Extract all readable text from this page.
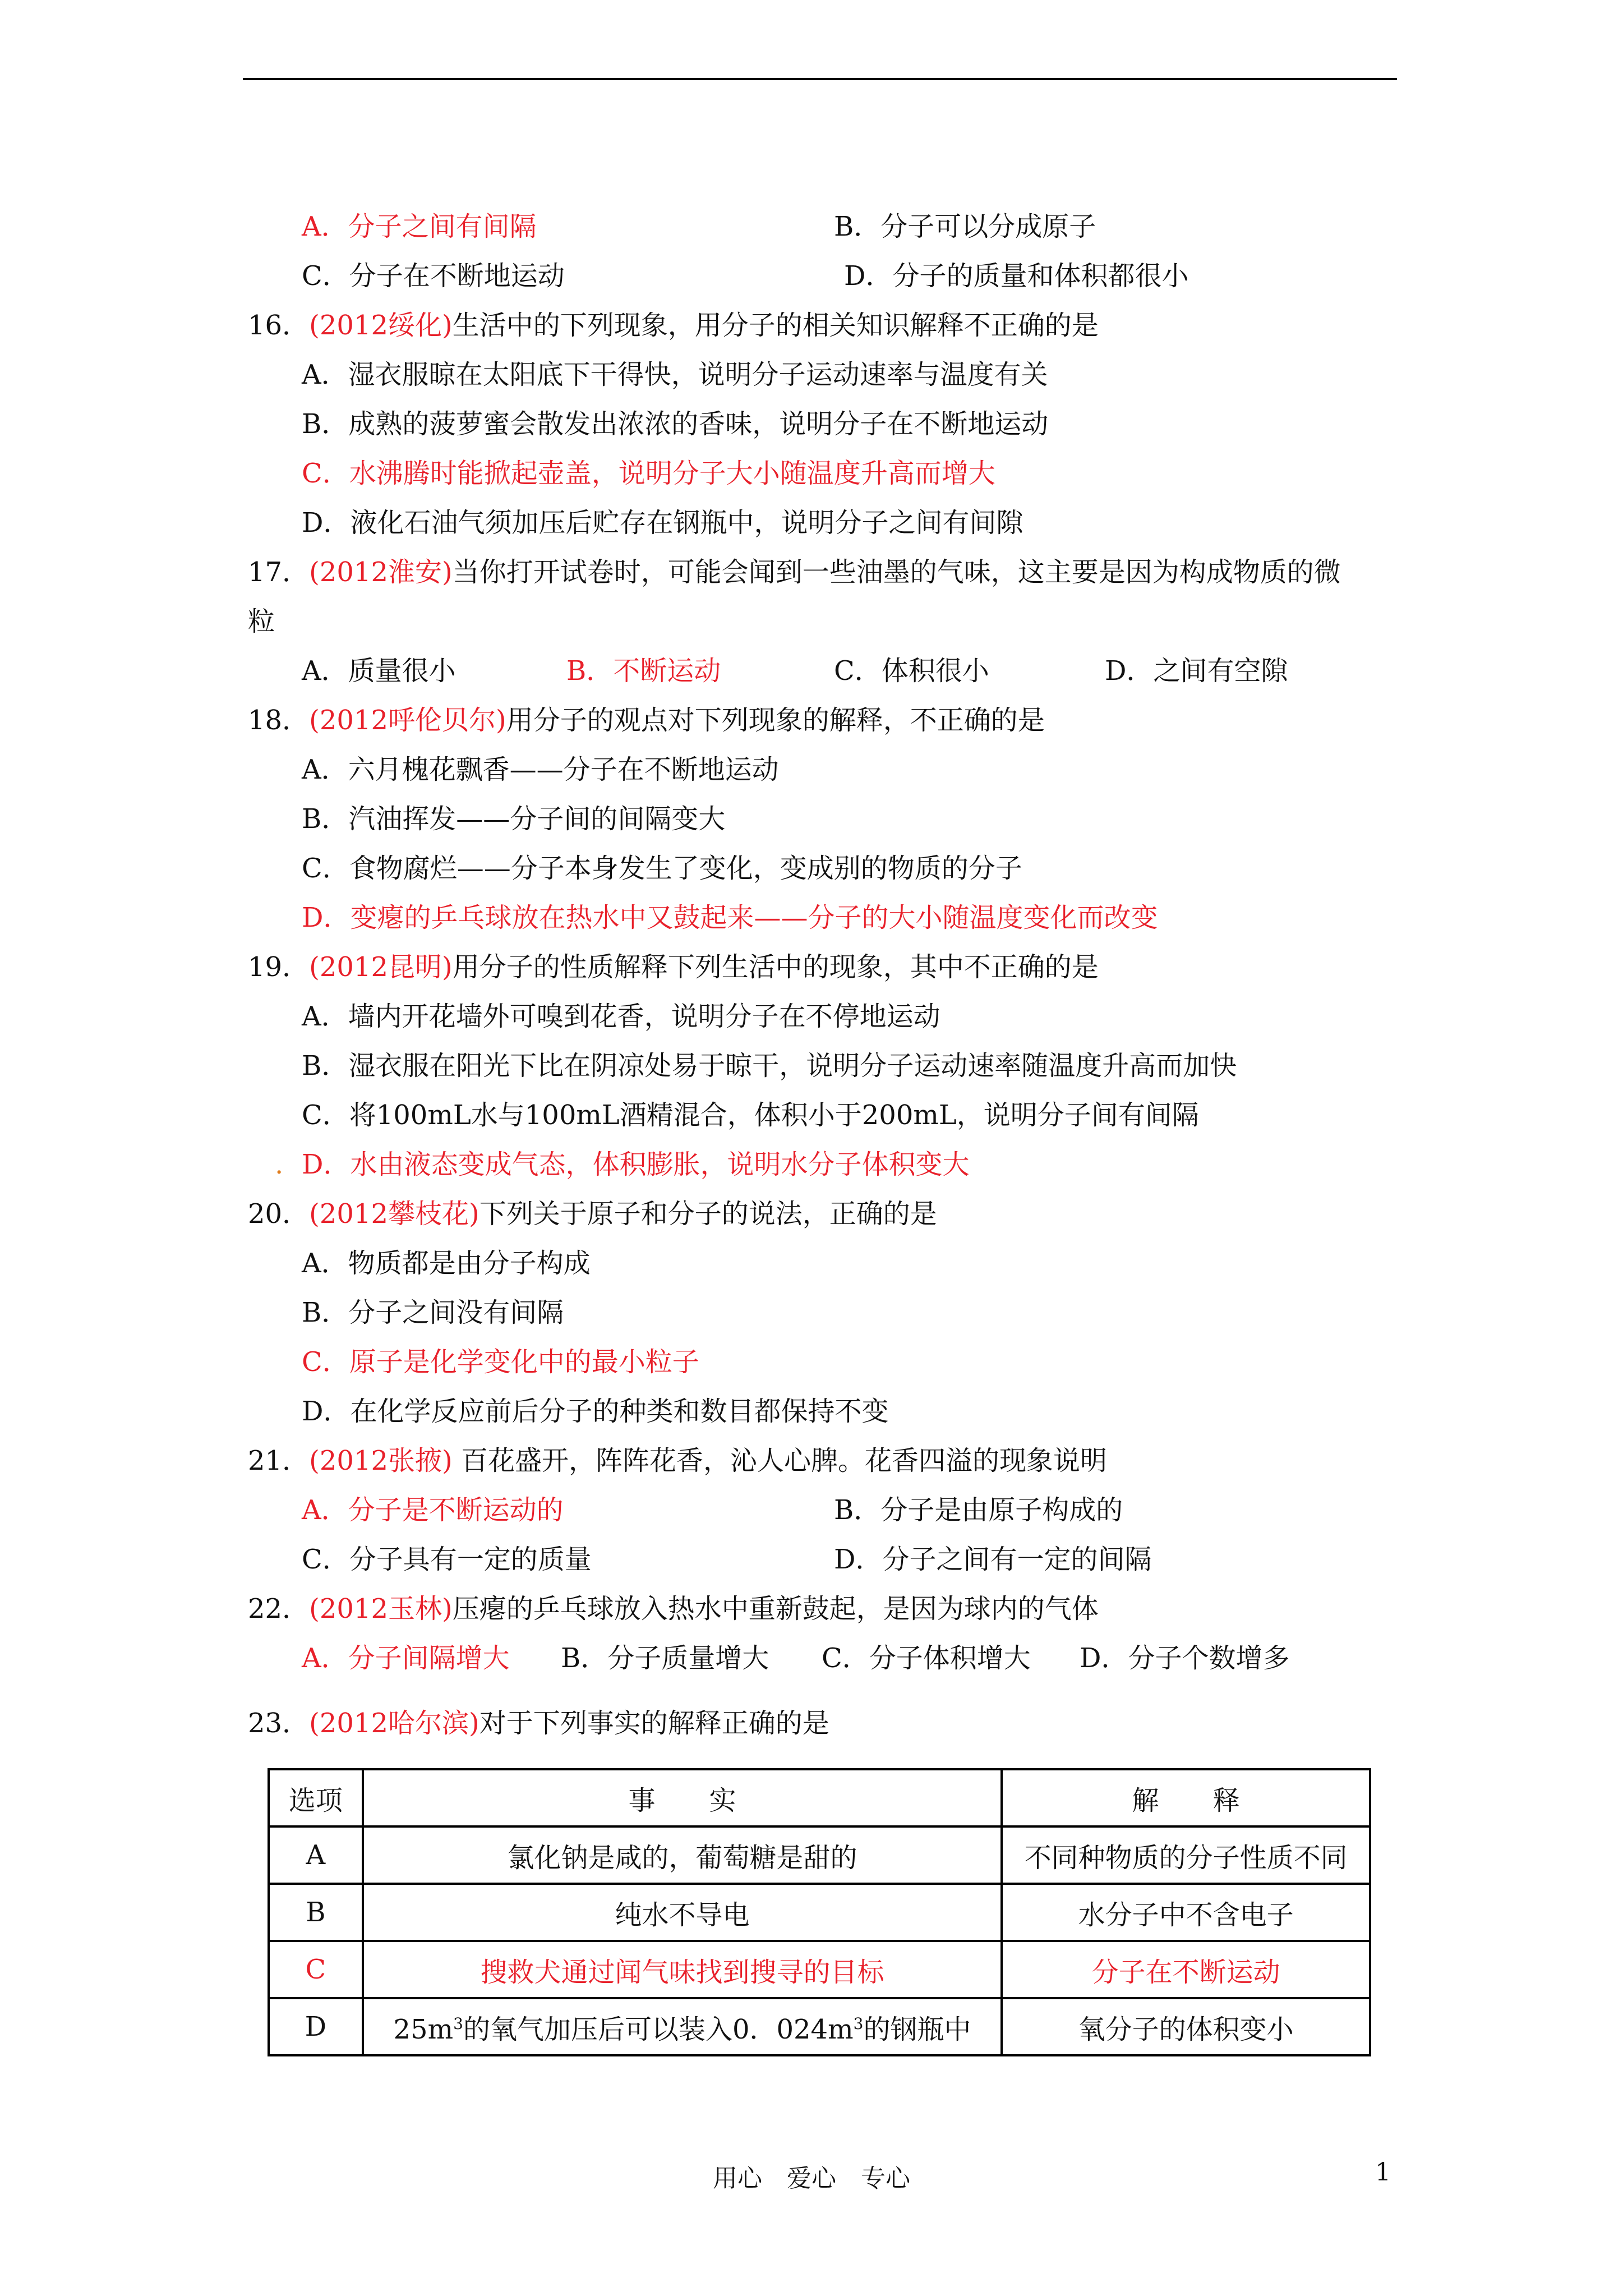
A．分子之间有间隔	B．分子可以分成原子
C．分子在不断地运动	D．分子的质量和体积都很小
16．(2012绥化)生活中的下列现象，用分子的相关知识解释不正确的是
A．湿衣服晾在太阳底下干得快，说明分子运动速率与温度有关
B．成熟的菠萝蜜会散发出浓浓的香味，说明分子在不断地运动
C．水沸腾时能掀起壶盖，说明分子大小随温度升高而增大
D．液化石油气须加压后贮存在钢瓶中，说明分子之间有间隙
17．(2012淮安)当你打开试卷时，可能会闻到一些油墨的气味，这主要是因为构成物质的微
粒
A．质量很小	B．不断运动	C．体积很小	D．之间有空隙
18．(2012呼伦贝尔)用分子的观点对下列现象的解释，不正确的是
A．六月槐花飘香——分子在不断地运动
B．汽油挥发——分子间的间隔变大
C．食物腐烂——分子本身发生了变化，变成别的物质的分子
D．变瘪的乒乓球放在热水中又鼓起来——分子的大小随温度变化而改变
19．(2012昆明)用分子的性质解释下列生活中的现象，其中不正确的是
A．墙内开花墙外可嗅到花香，说明分子在不停地运动
B．湿衣服在阳光下比在阴凉处易于晾干，说明分子运动速率随温度升高而加快
C．将100mL水与100mL酒精混合，体积小于200mL，说明分子间有间隔
. D．水由液态变成气态，体积膨胀，说明水分子体积变大
20．(2012攀枝花)下列关于原子和分子的说法，正确的是
A．物质都是由分子构成
B．分子之间没有间隔
C．原子是化学变化中的最小粒子
D．在化学反应前后分子的种类和数目都保持不变
21．(2012张掖) 百花盛开，阵阵花香，沁人心脾。花香四溢的现象说明
A．分子是不断运动的	B．分子是由原子构成的
C．分子具有一定的质量	D．分子之间有一定的间隔
22．(2012玉林)压瘪的乒乓球放入热水中重新鼓起，是因为球内的气体
A．分子间隔增大 B．分子质量增大 C．分子体积增大 D．分子个数增多
23．(2012哈尔滨)对于下列事实的解释正确的是
选项	事　　实	解　　释
A	氯化钠是咸的，葡萄糖是甜的	不同种物质的分子性质不同
B	纯水不导电	水分子中不含电子
C	搜救犬通过闻气味找到搜寻的目标	分子在不断运动
D	$25m^3$的氧气加压后可以装入0．$024m^3$的钢瓶中	氧分子的体积变小
用心　爱心　专心	1
